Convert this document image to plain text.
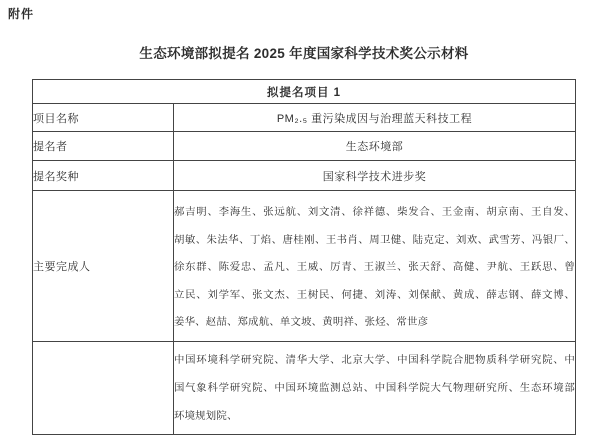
附件
生态环境部拟提名 2025 年度国家科学技术奖公示材料
拟提名项目 1	
项目名称	PM₂.₅ 重污染成因与治理蓝天科技工程
提名者	生态环境部
提名奖种	国家科学技术进步奖
主要完成人	郝吉明、李海生、张远航、刘文清、徐祥德、柴发合、王金南、胡京南、王自发、
胡敏、朱法华、丁焰、唐桂刚、王书肖、周卫健、陆克定、刘欢、武雪芳、冯银厂、
徐东群、陈爱忠、孟凡、王威、厉青、王淑兰、张天舒、高健、尹航、王跃思、曾
立民、刘学军、张文杰、王树民、何捷、刘涛、刘保献、黄成、薛志钢、薛文博、
姜华、赵喆、郑成航、单文坡、黄明祥、张烃、常世彦

	中国环境科学研究院、清华大学、北京大学、中国科学院合肥物质科学研究院、中
国气象科学研究院、中国环境监测总站、中国科学院大气物理研究所、生态环境部
环境规划院、
